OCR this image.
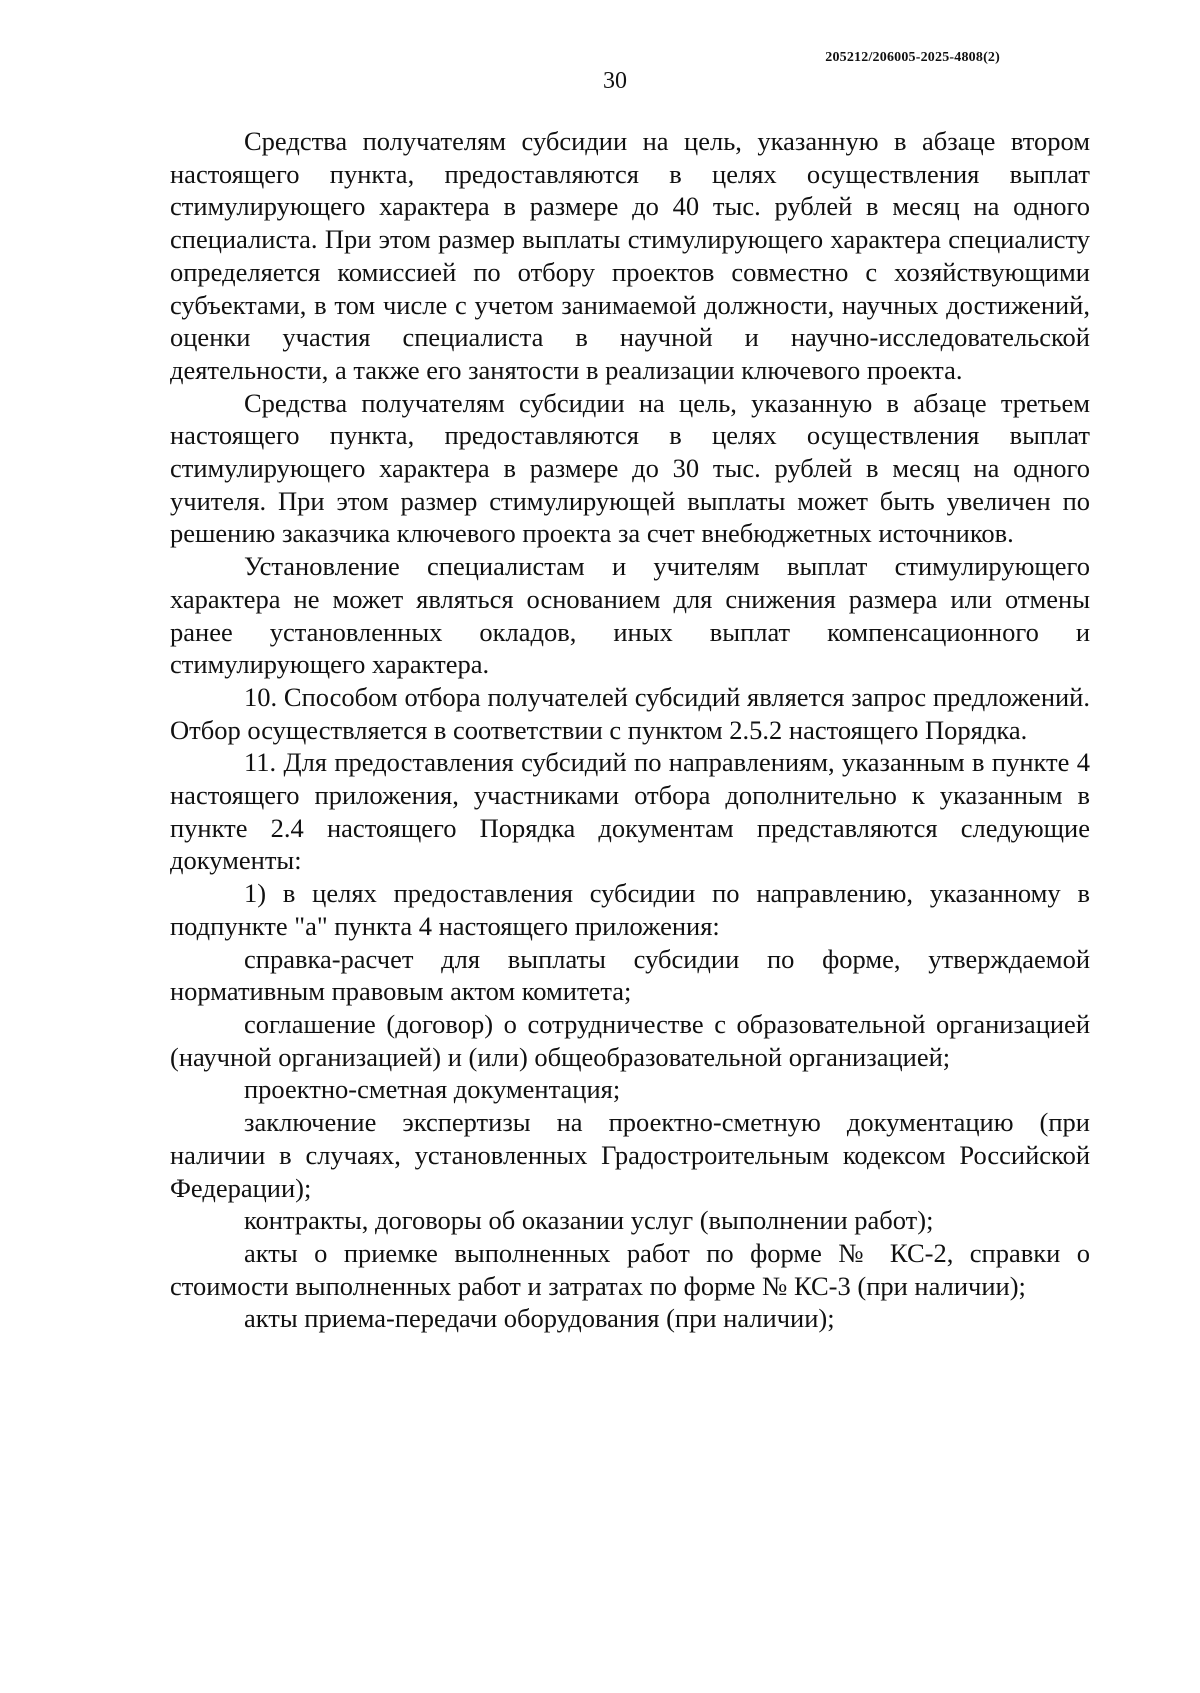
205212/206005-2025-4808(2)
30

Средства получателям субсидии на цель, указанную в абзаце втором настоящего пункта, предоставляются в целях осуществления выплат стимулирующего характера в размере до 40 тыс. рублей в месяц на одного специалиста. При этом размер выплаты стимулирующего характера специалисту определяется комиссией по отбору проектов совместно с хозяйствующими субъектами, в том числе с учетом занимаемой должности, научных достижений, оценки участия специалиста в научной и научно-исследовательской деятельности, а также его занятости в реализации ключевого проекта.

Средства получателям субсидии на цель, указанную в абзаце третьем настоящего пункта, предоставляются в целях осуществления выплат стимулирующего характера в размере до 30 тыс. рублей в месяц на одного учителя. При этом размер стимулирующей выплаты может быть увеличен по решению заказчика ключевого проекта за счет внебюджетных источников.

Установление специалистам и учителям выплат стимулирующего характера не может являться основанием для снижения размера или отмены ранее установленных окладов, иных выплат компенсационного и стимулирующего характера.

10. Способом отбора получателей субсидий является запрос предложений. Отбор осуществляется в соответствии с пунктом 2.5.2 настоящего Порядка.

11. Для предоставления субсидий по направлениям, указанным в пункте 4 настоящего приложения, участниками отбора дополнительно к указанным в пункте 2.4 настоящего Порядка документам представляются следующие документы:

1) в целях предоставления субсидии по направлению, указанному в подпункте "а" пункта 4 настоящего приложения:

справка-расчет для выплаты субсидии по форме, утверждаемой нормативным правовым актом комитета;

соглашение (договор) о сотрудничестве с образовательной организацией (научной организацией) и (или) общеобразовательной организацией;

проектно-сметная документация;

заключение экспертизы на проектно-сметную документацию (при наличии в случаях, установленных Градостроительным кодексом Российской Федерации);

контракты, договоры об оказании услуг (выполнении работ);

акты о приемке выполненных работ по форме № КС-2, справки о стоимости выполненных работ и затратах по форме № КС-3 (при наличии);

акты приема-передачи оборудования (при наличии);
